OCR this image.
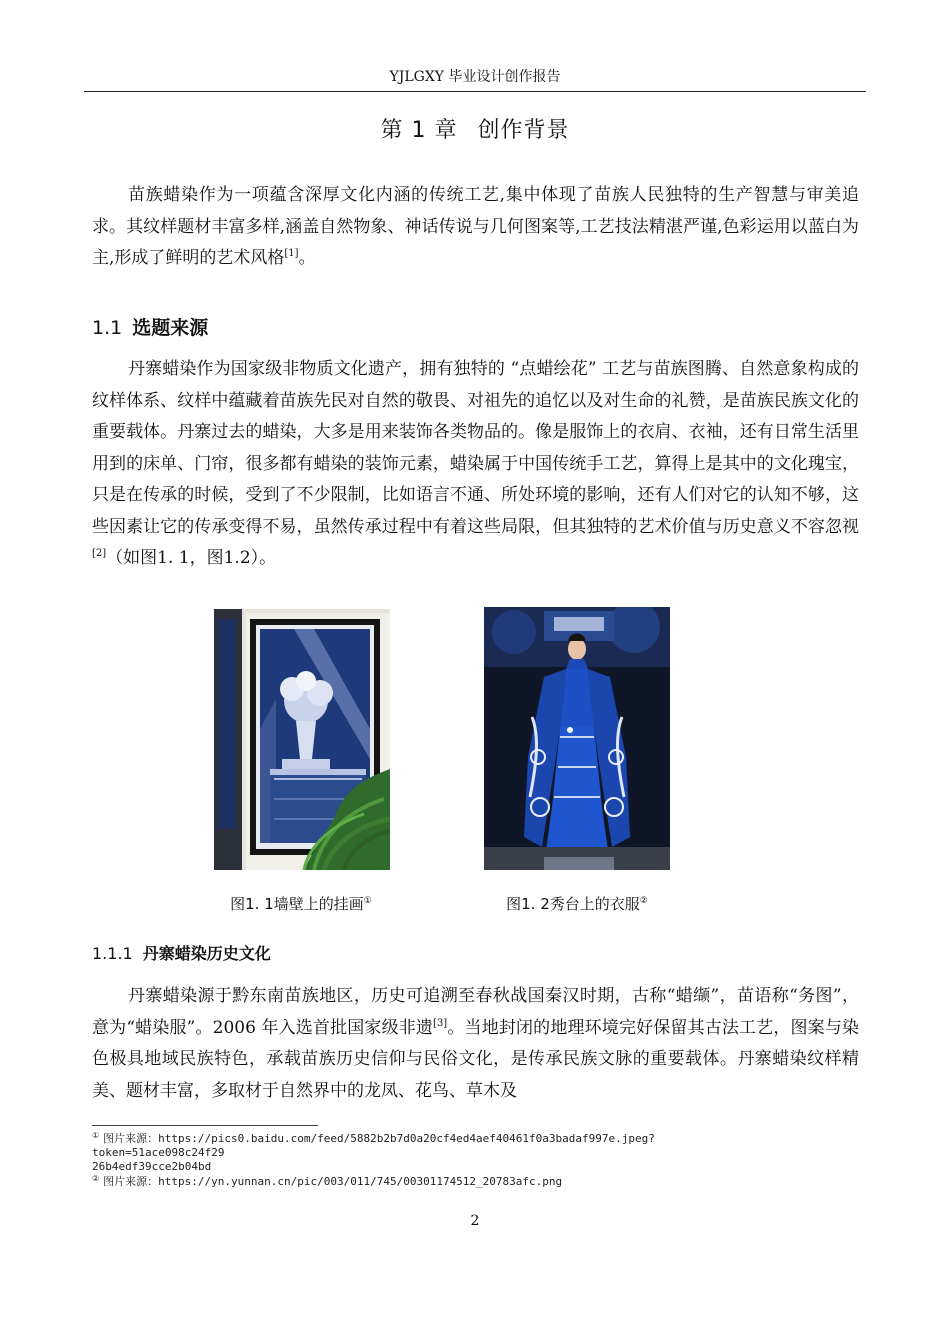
YJLGXY 毕业设计创作报告
第 1 章 创作背景

苗族蜡染作为一项蕴含深厚文化内涵的传统工艺,集中体现了苗族人民独特的生产智慧与审美追求。其纹样题材丰富多样,涵盖自然物象、神话传说与几何图案等,工艺技法精湛严谨,色彩运用以蓝白为主,形成了鲜明的艺术风格[1]。

1.1 选题来源

丹寨蜡染作为国家级非物质文化遗产，拥有独特的 “点蜡绘花” 工艺与苗族图腾、自然意象构成的纹样体系、纹样中蕴藏着苗族先民对自然的敬畏、对祖先的追忆以及对生命的礼赞，是苗族民族文化的重要载体。丹寨过去的蜡染，大多是用来装饰各类物品的。像是服饰上的衣肩、衣袖，还有日常生活里用到的床单、门帘，很多都有蜡染的装饰元素，蜡染属于中国传统手工艺，算得上是其中的文化瑰宝，只是在传承的时候，受到了不少限制，比如语言不通、所处环境的影响，还有人们对它的认知不够，这些因素让它的传承变得不易，虽然传承过程中有着这些局限，但其独特的艺术价值与历史意义不容忽视[2]（如图1. 1，图1.2）。

图1. 1墙壁上的挂画①	图1. 2秀台上的衣服②
1.1.1 丹寨蜡染历史文化

丹寨蜡染源于黔东南苗族地区，历史可追溯至春秋战国秦汉时期，古称“蜡缬”，苗语称“务图”，意为“蜡染服”。2006 年入选首批国家级非遗[3]。当地封闭的地理环境完好保留其古法工艺，图案与染色极具地域民族特色，承载苗族历史信仰与民俗文化，是传承民族文脉的重要载体。丹寨蜡染纹样精美、题材丰富，多取材于自然界中的龙凤、花鸟、草木及

① 图片来源：https://pics0.baidu.com/feed/5882b2b7d0a20cf4ed4aef40461f0a3badaf997e.jpeg?
token=51ace098c24f29
26b4edf39cce2b04bd
② 图片来源：https://yn.yunnan.cn/pic/003/011/745/00301174512_20783afc.png
2
